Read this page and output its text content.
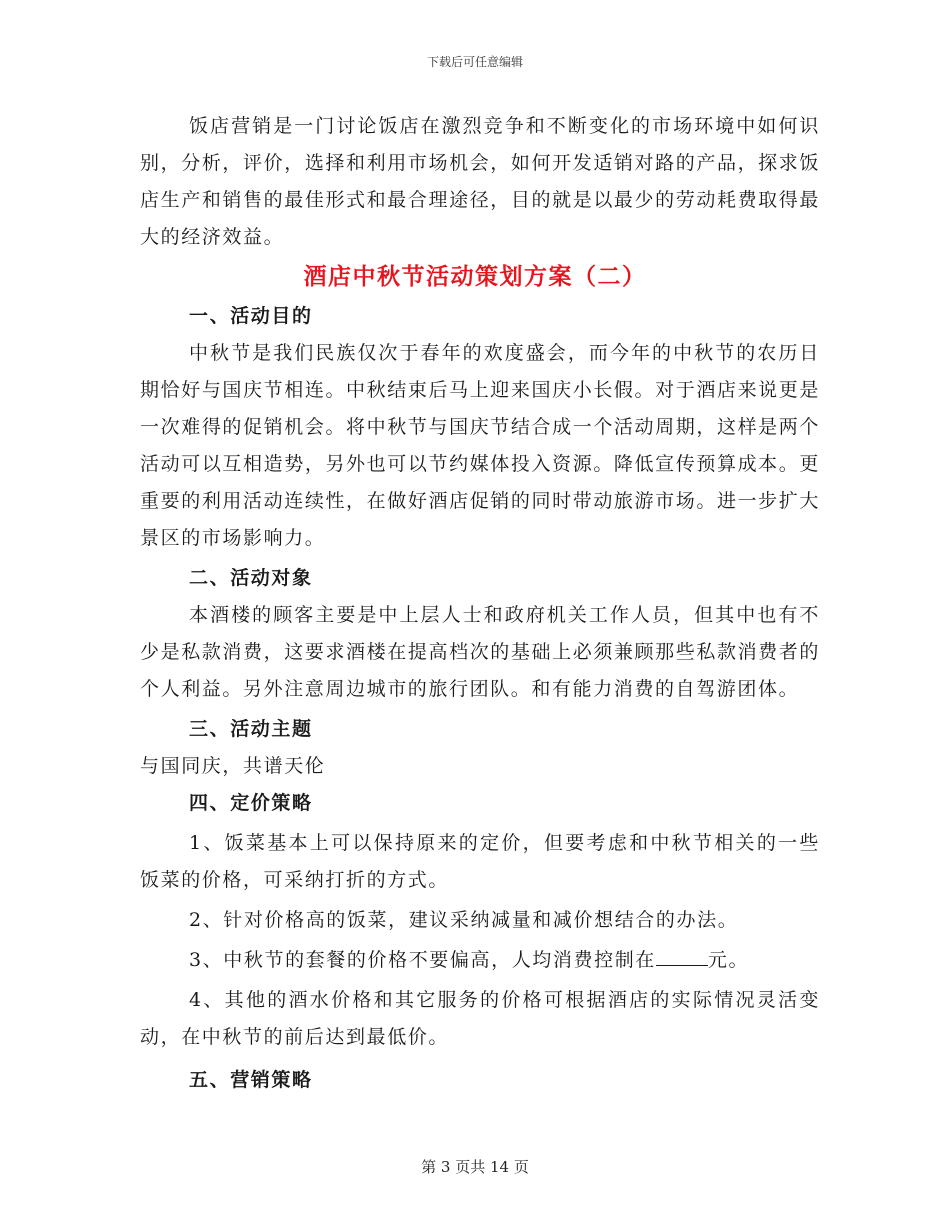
下载后可任意编辑

饭店营销是一门讨论饭店在激烈竞争和不断变化的市场环境中如何识别，分析，评价，选择和利用市场机会，如何开发适销对路的产品，探求饭店生产和销售的最佳形式和最合理途径，目的就是以最少的劳动耗费取得最大的经济效益。

酒店中秋节活动策划方案（二）
一、活动目的

中秋节是我们民族仅次于春年的欢度盛会，而今年的中秋节的农历日期恰好与国庆节相连。中秋结束后马上迎来国庆小长假。对于酒店来说更是一次难得的促销机会。将中秋节与国庆节结合成一个活动周期，这样是两个活动可以互相造势，另外也可以节约媒体投入资源。降低宣传预算成本。更重要的利用活动连续性，在做好酒店促销的同时带动旅游市场。进一步扩大景区的市场影响力。

二、活动对象

本酒楼的顾客主要是中上层人士和政府机关工作人员，但其中也有不少是私款消费，这要求酒楼在提高档次的基础上必须兼顾那些私款消费者的个人利益。另外注意周边城市的旅行团队。和有能力消费的自驾游团体。

三、活动主题

与国同庆，共谱天伦

四、定价策略

1、饭菜基本上可以保持原来的定价，但要考虑和中秋节相关的一些饭菜的价格，可采纳打折的方式。

2、针对价格高的饭菜，建议采纳减量和减价想结合的办法。

3、中秋节的套餐的价格不要偏高，人均消费控制在	元。

4、其他的酒水价格和其它服务的价格可根据酒店的实际情况灵活变动，在中秋节的前后达到最低价。

五、营销策略
第 3 页共 14 页
